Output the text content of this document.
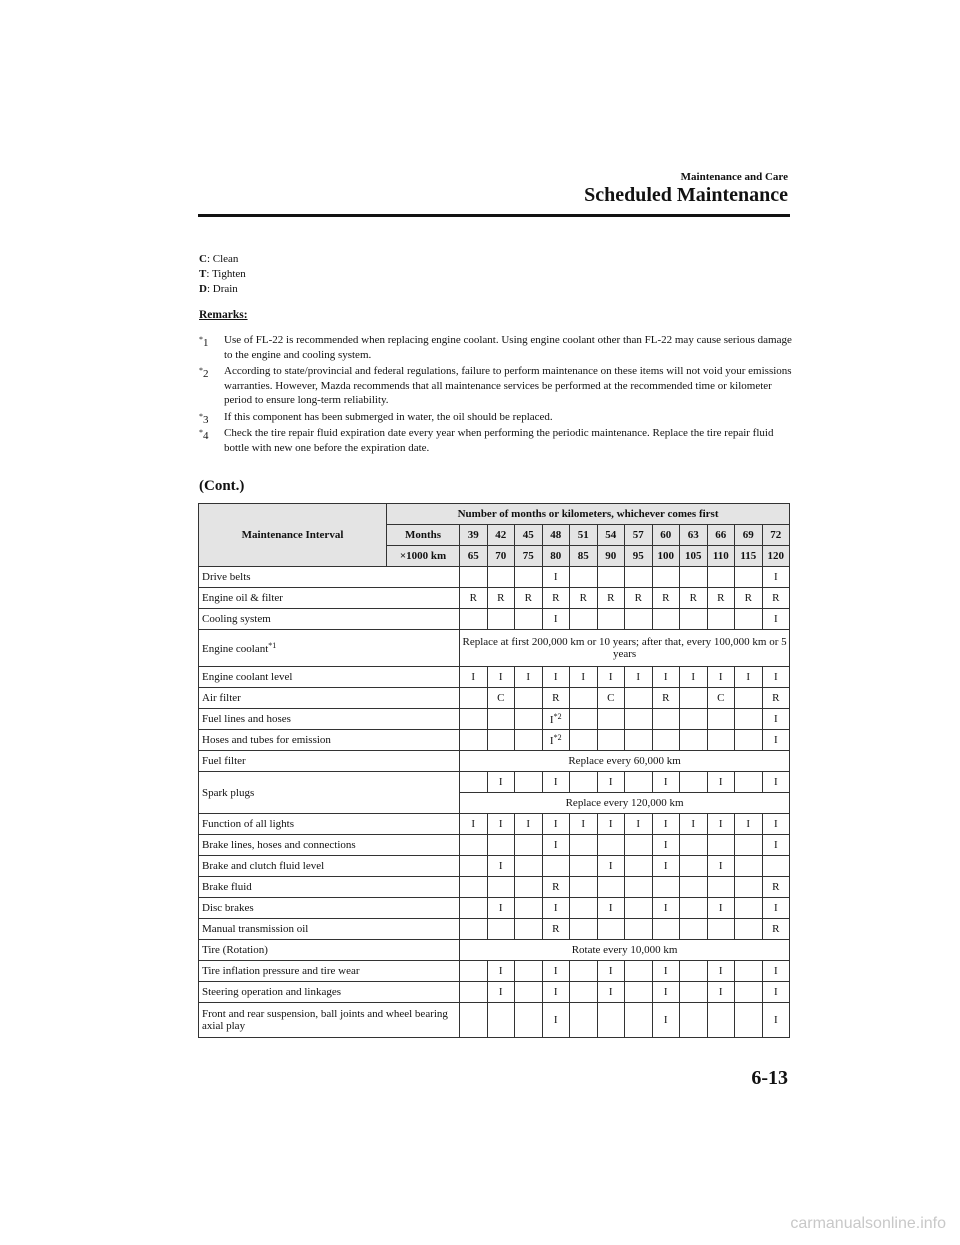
Maintenance and Care
Scheduled Maintenance
C: Clean
T: Tighten
D: Drain
Remarks:
*1 Use of FL-22 is recommended when replacing engine coolant. Using engine coolant other than FL-22 may cause serious damage to the engine and cooling system.
*2 According to state/provincial and federal regulations, failure to perform maintenance on these items will not void your emissions warranties. However, Mazda recommends that all maintenance services be performed at the recommended time or kilometer period to ensure long-term reliability.
*3 If this component has been submerged in water, the oil should be replaced.
*4 Check the tire repair fluid expiration date every year when performing the periodic maintenance. Replace the tire repair fluid bottle with new one before the expiration date.
(Cont.)
Maintenance Interval	Number of months or kilometers, whichever comes first												
	Months	39	42	45	48	51	54	57	60	63	66	69	72
	×1000 km	65	70	75	80	85	90	95	100	105	110	115	120
Drive belts					I								I
Engine oil & filter		R	R	R	R	R	R	R	R	R	R	R	R
Cooling system					I								I
Engine coolant$^{*1}$		Replace at first 200,000 km or 10 years; after that, every 100,000 km or 5 years											
Engine coolant level		I	I	I	I	I	I	I	I	I	I	I	I
Air filter			C		R		C		R		C		R
Fuel lines and hoses					$I^{*2}$								I
Hoses and tubes for emission					$I^{*2}$								I
Fuel filter		Replace every 60,000 km											
Spark plugs			I		I		I		I		I		I
		Replace every 120,000 km											
Function of all lights		I	I	I	I	I	I	I	I	I	I	I	I
Brake lines, hoses and connections					I				I				I
Brake and clutch fluid level			I				I		I		I		
Brake fluid					R								R
Disc brakes			I		I		I		I		I		I
Manual transmission oil					R								R
Tire (Rotation)		Rotate every 10,000 km											
Tire inflation pressure and tire wear			I		I		I		I		I		I
Steering operation and linkages			I		I		I		I		I		I
Front and rear suspension, ball joints and wheel bearing axial play					I				I				I
6-13
carmanualsonline.info
